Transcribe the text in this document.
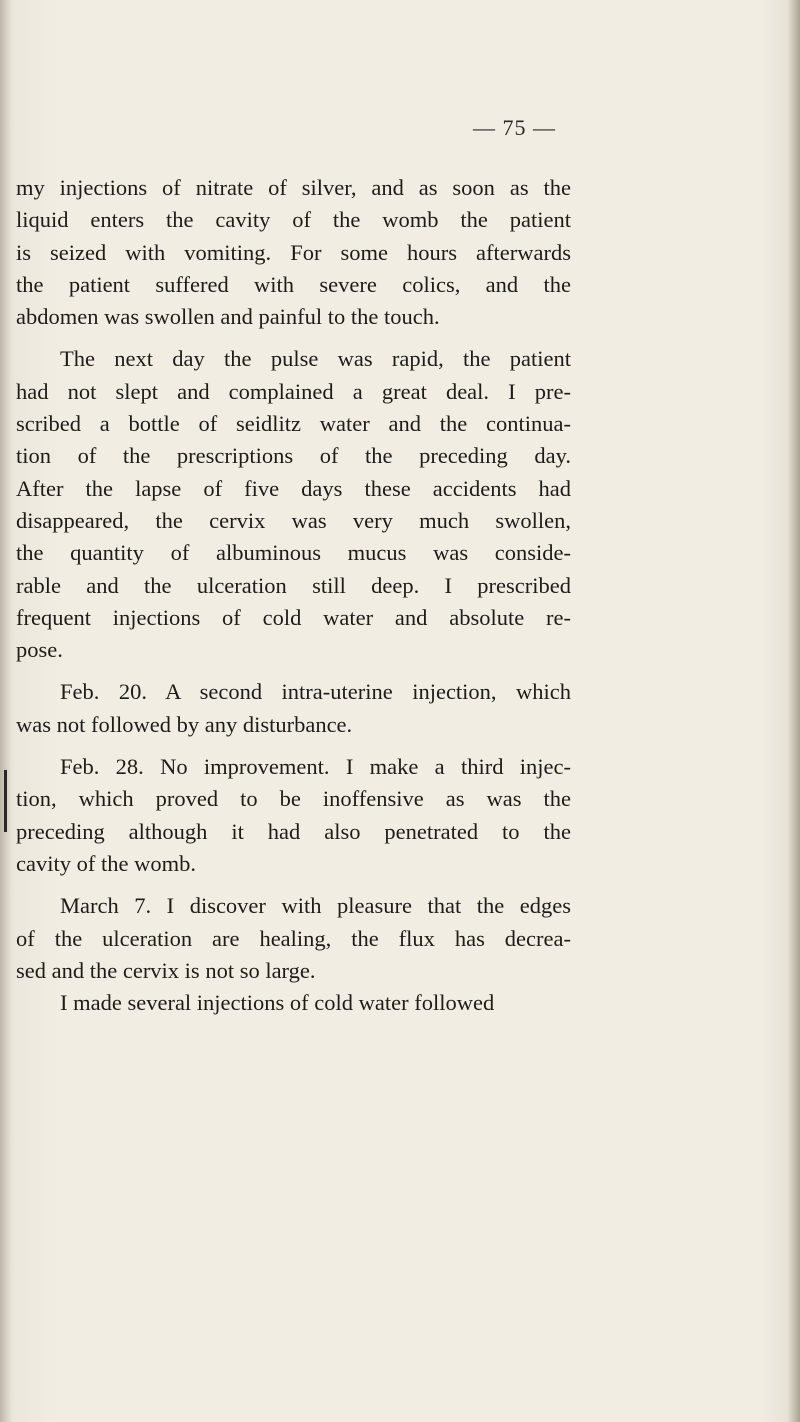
— 75 —
my injections of nitrate of silver, and as soon as the
liquid enters the cavity of the womb the patient
is seized with vomiting. For some hours afterwards
the patient suffered with severe colics, and the
abdomen was swollen and painful to the touch.
The next day the pulse was rapid, the patient
had not slept and complained a great deal. I pre-
scribed a bottle of seidlitz water and the continua-
tion of the prescriptions of the preceding day.
After the lapse of five days these accidents had
disappeared, the cervix was very much swollen,
the quantity of albuminous mucus was conside-
rable and the ulceration still deep. I prescribed
frequent injections of cold water and absolute re-
pose.
Feb. 20. A second intra-uterine injection, which
was not followed by any disturbance.
Feb. 28. No improvement. I make a third injec-
tion, which proved to be inoffensive as was the
preceding although it had also penetrated to the
cavity of the womb.
March 7. I discover with pleasure that the edges
of the ulceration are healing, the flux has decrea-
sed and the cervix is not so large.
I made several injections of cold water followed
